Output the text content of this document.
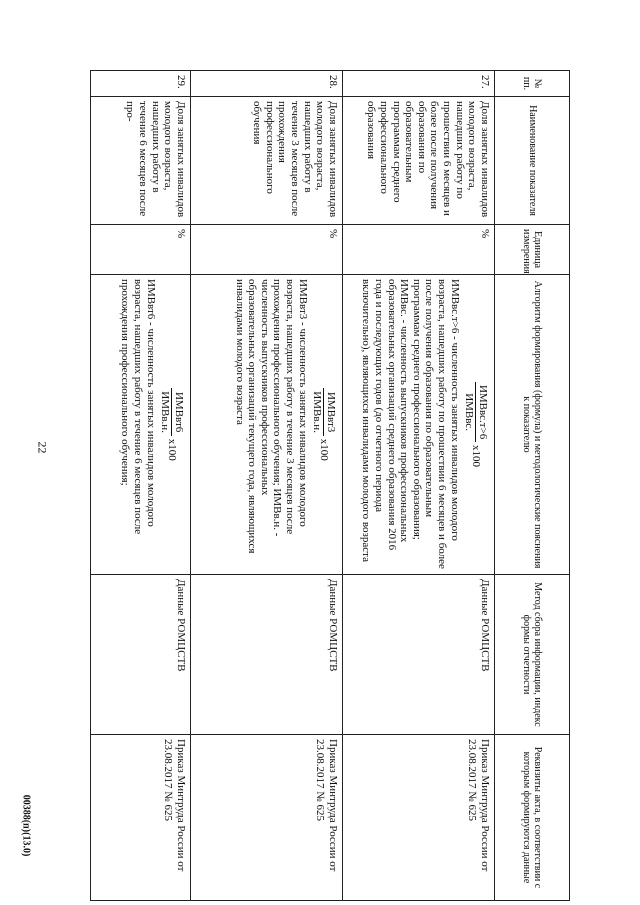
22
00388(п)(13.0)
№ пп.	Наименование показателя	Единица измерения	Алгоритм формирования (формула) и методологические пояснения к показателю	Метод сбора информации, индекс формы отчетности	Реквизиты акта, в соответствии с которым формируются данные
27.	Доля занятых инвалидов молодого возраста, нашедших работу по прошествии 6 месяцев и более после получения образования по образовательным программам среднего профессионального образования	%	ИМВвс.т>6
ИМВвс.
x100
ИМВвс.т>6 - численность занятых инвалидов молодого возраста, нашедших работу по прошествии 6 месяцев и более после получения образования по образовательным программам среднего профессионального образования; ИМВвс. - численность выпускников профессиональных образовательных организаций среднего образования 2016 года и последующих годов (до отчетного периода включительно), являющихся инвалидами молодого возраста	Данные РОМЦСТВ	Приказ Минтруда России от 23.08.2017 № 625
28.	Доля занятых инвалидов молодого возраста, нашедших работу в течение 3 месяцев после прохождения профессионального обучения	%	ИМВвт3
ИМВв.н.
x100
ИМВвт3 - численность занятых инвалидов молодого возраста, нашедших работу в течение 3 месяцев после прохождения профессионального обучения; ИМВв.н. - численность выпускников профессиональных образовательных организаций текущего года, являющихся инвалидами молодого возраста	Данные РОМЦСТВ	Приказ Минтруда России от 23.08.2017 № 625
29.	Доля занятых инвалидов молодого возраста, нашедших работу в течение 6 месяцев после про-	%	ИМВвт6
ИМВв.н.
x100
ИМВвт6 - численность занятых инвалидов молодого возраста, нашедших работу в течение 6 месяцев после прохождения профессионального обучения;	Данные РОМЦСТВ	Приказ Минтруда России от 23.08.2017 № 625
